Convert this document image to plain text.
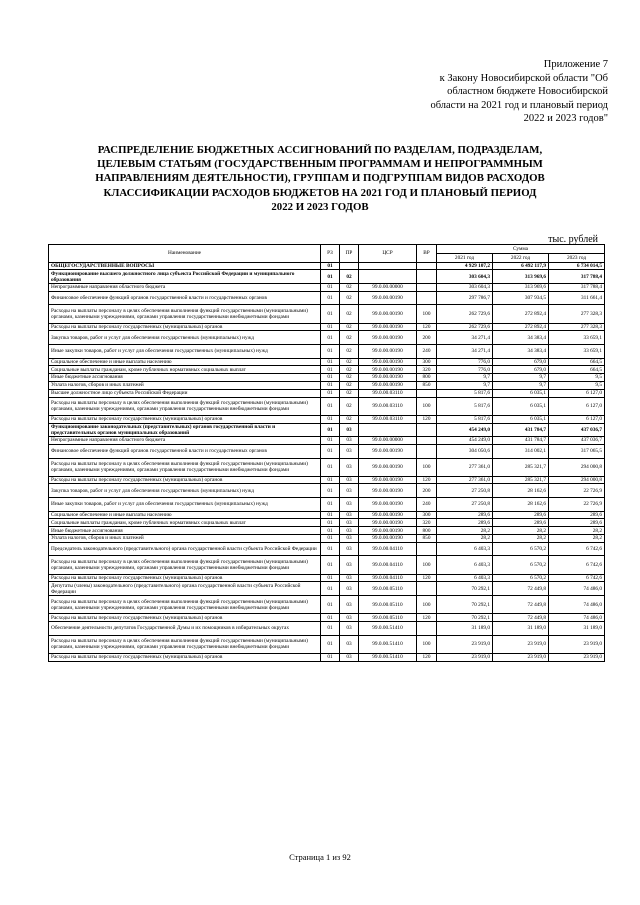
Приложение 7
к Закону Новосибирской области "Об
областном бюджете Новосибирской
области на 2021 год и плановый период
2022 и 2023 годов"
РАСПРЕДЕЛЕНИЕ БЮДЖЕТНЫХ АССИГНОВАНИЙ ПО РАЗДЕЛАМ, ПОДРАЗДЕЛАМ,
ЦЕЛЕВЫМ СТАТЬЯМ (ГОСУДАРСТВЕННЫМ ПРОГРАММАМ И НЕПРОГРАММНЫМ
НАПРАВЛЕНИЯМ ДЕЯТЕЛЬНОСТИ), ГРУППАМ И ПОДГРУППАМ ВИДОВ РАСХОДОВ
КЛАССИФИКАЦИИ РАСХОДОВ БЮДЖЕТОВ НА 2021 ГОД И ПЛАНОВЫЙ ПЕРИОД
2022 И 2023 ГОДОВ
тыс. рублей
Наименование	РЗ	ПР	ЦСР	ВР	Сумма		
					2021 год	2022 год	2023 год
ОБЩЕГОСУДАРСТВЕННЫЕ ВОПРОСЫ	01				4 929 107,2	6 492 117,9	6 734 014,5
Функционирование высшего должностного лица субъекта Российской Федерации и муниципального образования	01	02			303 604,3	313 969,6	317 788,4
Непрограммные направления областного бюджета	01	02	99.0.00.00000		303 604,3	313 969,6	317 788,4
Финансовое обеспечение функций органов государственной власти и государственных органов	01	02	99.0.00.00190		297 786,7	307 934,5	311 661,4
Расходы на выплаты персоналу в целях обеспечения выполнения функций государственными (муниципальными) органами, казенными учреждениями, органами управления государственными внебюджетными фондами	01	02	99.0.00.00190	100	262 729,6	272 892,4	277 328,3
Расходы на выплаты персоналу государственных (муниципальных) органов	01	02	99.0.00.00190	120	262 729,6	272 892,4	277 328,3
Закупка товаров, работ и услуг для обеспечения государственных (муниципальных) нужд	01	02	99.0.00.00190	200	34 271,4	34 383,4	33 659,1
Иные закупки товаров, работ и услуг для обеспечения государственных (муниципальных) нужд	01	02	99.0.00.00190	240	34 271,4	34 383,4	33 659,1
Социальное обеспечение и иные выплаты населению	01	02	99.0.00.00190	300	776,0	679,0	664,5
Социальные выплаты гражданам, кроме публичных нормативных социальных выплат	01	02	99.0.00.00190	320	776,0	679,0	664,5
Иные бюджетные ассигнования	01	02	99.0.00.00190	800	9,7	9,7	9,5
Уплата налогов, сборов и иных платежей	01	02	99.0.00.00190	850	9,7	9,7	9,5
Высшее должностное лицо субъекта Российской Федерации	01	02	99.0.00.03110		5 817,6	6 035,1	6 127,0
Расходы на выплаты персоналу в целях обеспечения выполнения функций государственными (муниципальными) органами, казенными учреждениями, органами управления государственными внебюджетными фондами	01	02	99.0.00.03110	100	5 817,6	6 035,1	6 127,0
Расходы на выплаты персоналу государственных (муниципальных) органов	01	02	99.0.00.03110	120	5 817,6	6 035,1	6 127,0
Функционирование законодательных (представительных) органов государственной власти и представительных органов муниципальных образований	01	03			454 249,0	431 784,7	437 036,7
Непрограммные направления областного бюджета	01	03	99.0.00.00000		454 249,0	431 784,7	437 036,7
Финансовое обеспечение функций органов государственной власти и государственных органов	01	03	99.0.00.00190		304 050,6	314 002,1	317 065,5
Расходы на выплаты персоналу в целях обеспечения выполнения функций государственными (муниципальными) органами, казенными учреждениями, органами управления государственными внебюджетными фондами	01	03	99.0.00.00190	100	277 361,0	285 321,7	294 000,8
Расходы на выплаты персоналу государственных (муниципальных) органов	01	03	99.0.00.00190	120	277 361,0	285 321,7	294 000,8
Закупка товаров, работ и услуг для обеспечения государственных (муниципальных) нужд	01	03	99.0.00.00190	200	27 250,8	28 162,6	22 726,9
Иные закупки товаров, работ и услуг для обеспечения государственных (муниципальных) нужд	01	03	99.0.00.00190	240	27 250,8	28 162,6	22 726,9
Социальное обеспечение и иные выплаты населению	01	03	99.0.00.00190	300	289,6	289,6	289,6
Социальные выплаты гражданам, кроме публичных нормативных социальных выплат	01	03	99.0.00.00190	320	289,6	289,6	289,6
Иные бюджетные ассигнования	01	03	99.0.00.00190	800	28,2	28,2	28,2
Уплата налогов, сборов и иных платежей	01	03	99.0.00.00190	850	28,2	28,2	28,2
Председатель законодательного (представительного) органа государственной власти субъекта Российской Федерации	01	03	99.0.00.04110		6 403,3	6 570,2	6 742,6
Расходы на выплаты персоналу в целях обеспечения выполнения функций государственными (муниципальными) органами, казенными учреждениями, органами управления государственными внебюджетными фондами	01	03	99.0.00.04110	100	6 403,3	6 570,2	6 742,6
Расходы на выплаты персоналу государственных (муниципальных) органов	01	03	99.0.00.04110	120	6 403,3	6 570,2	6 742,6
Депутаты (члены) законодательного (представительного) органа государственной власти субъекта Российской Федерации	01	03	99.0.00.05110		70 292,1	72 449,8	74 486,0
Расходы на выплаты персоналу в целях обеспечения выполнения функций государственными (муниципальными) органами, казенными учреждениями, органами управления государственными внебюджетными фондами	01	03	99.0.00.05110	100	70 292,1	72 449,8	74 486,0
Расходы на выплаты персоналу государственных (муниципальных) органов	01	03	99.0.00.05110	120	70 292,1	72 449,8	74 486,0
Обеспечение деятельности депутатов Государственной Думы и их помощников в избирательных округах	01	03	99.0.00.51410		31 189,0	31 189,0	31 189,0
Расходы на выплаты персоналу в целях обеспечения выполнения функций государственными (муниципальными) органами, казенными учреждениями, органами управления государственными внебюджетными фондами	01	03	99.0.00.51410	100	23 919,0	23 919,0	23 919,0
Расходы на выплаты персоналу государственных (муниципальных) органов	01	03	99.0.00.51410	120	23 919,0	23 919,0	23 919,0
Страница 1 из 92
